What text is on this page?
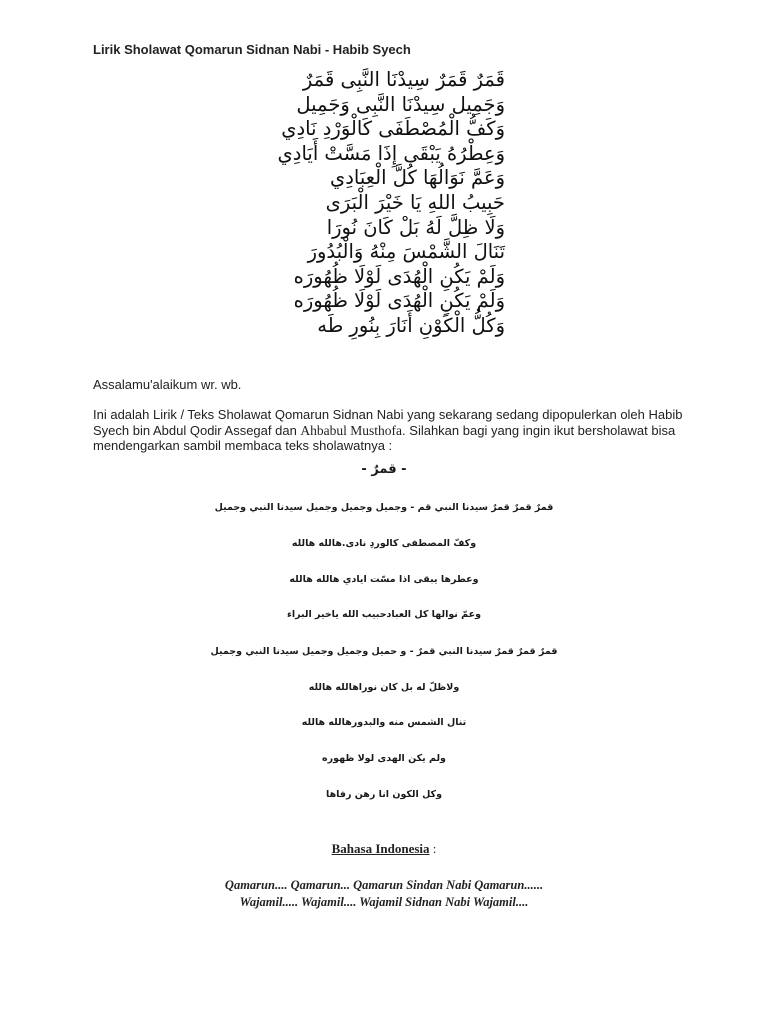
Lirik Sholawat Qomarun Sidnan Nabi - Habib Syech
قَمَرٌ قَمَرٌ سِيدْنَا النَّبِى قَمَرٌ
وَجَمِيل سِيدْنَا النَّبِى وَجَمِيل
وَكَفُّ الْمُصْطَفَى كَالْوَرْدِ نَادِي
وَعِطْرُهُ يَبْقَى إِذَا مَسَّتْ أَيَادِي
وَعَمَّ نَوَالُهَا كُلَّ الْعِبَادِي
حَبِيبُ اللهِ يَا خَيْرَ الْبَرَى
وَلَا ظِلَّ لَهُ بَلْ كَانَ نُورَا
تَنَالَ الشَّمْسَ مِنْهُ وَالْبُدُورَ
وَلَمْ يَكُنِ الْهُدَى لَوْلَا ظُهُورَه
وَلَمْ يَكُنِ الْهُدَى لَوْلَا ظُهُورَه
وَكُلُّ الْكَوْنِ أَنَارَ بِنُورِ طَه
Assalamu'alaikum wr. wb.
Ini adalah Lirik / Teks Sholawat Qomarun Sidnan Nabi yang sekarang sedang dipopulerkan oleh Habib Syech bin Abdul Qodir Assegaf dan Ahbabul Musthofa. Silahkan bagi yang ingin ikut bersholawat bisa mendengarkan sambil membaca teks sholawatnya :
- قمرٌ -
قمرٌ قمرٌ قمرٌ سيدنا النبي قم - وجميل وجميل وجميل سيدنا النبي وجميل
وكفّ المصطفى كالوردِ نادى.هالله هالله
وعطرها يبقى اذا مسّت ايادي هالله هالله
وعمّ نوالها كل العبادحبيب الله ياخير البراء
قمرٌ قمرٌ قمرٌ سيدنا النبي قمرٌ - و حميل وجميل وجميل سيدنا النبي وجميل
ولاظلّ له بل كان نوراهالله هالله
تنال الشمس منه والبدورهالله هالله
ولم يكن الهدى لولا ظهوره
وكل الكون انا رهن رفاها
Bahasa Indonesia :
Qamarun.... Qamarun... Qamarun Sindan Nabi Qamarun......
Wajamil..... Wajamil.... Wajamil Sidnan Nabi Wajamil....
